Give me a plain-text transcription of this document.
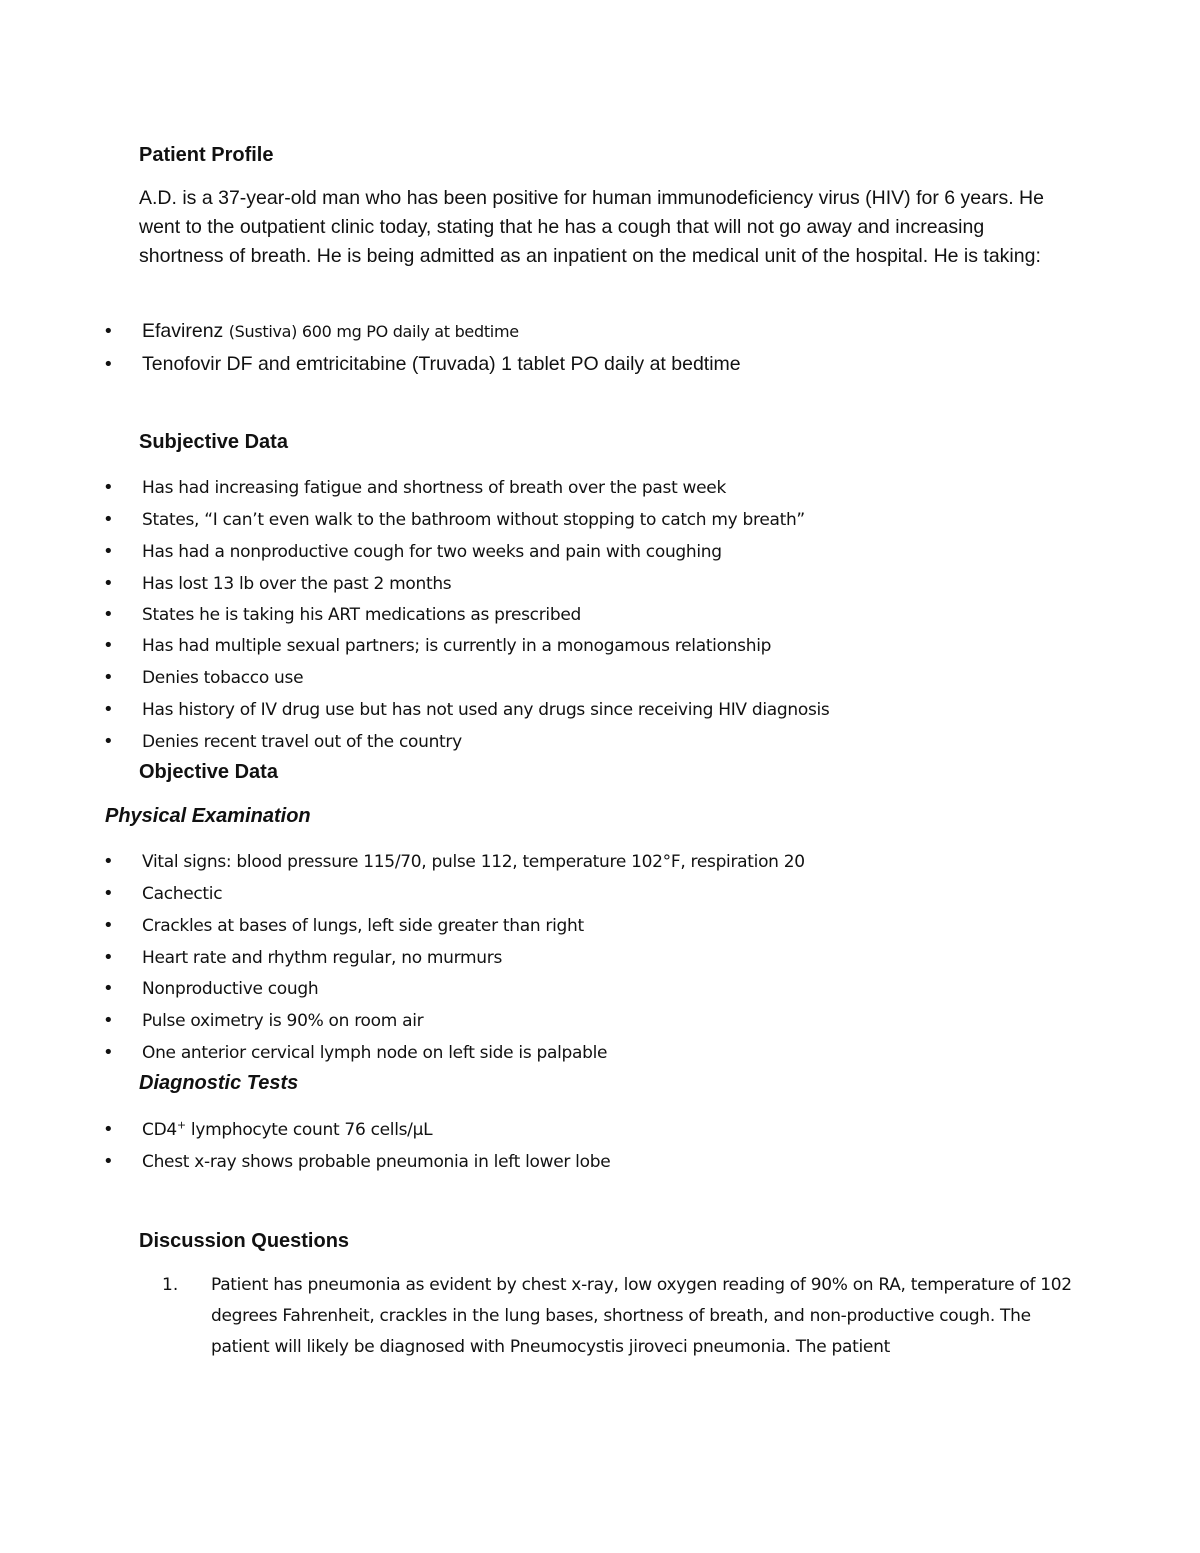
Patient Profile
A.D. is a 37-year-old man who has been positive for human immunodeficiency virus (HIV) for 6 years. He went to the outpatient clinic today, stating that he has a cough that will not go away and increasing shortness of breath. He is being admitted as an inpatient on the medical unit of the hospital. He is taking:
• Efavirenz (Sustiva) 600 mg PO daily at bedtime
• Tenofovir DF and emtricitabine (Truvada) 1 tablet PO daily at bedtime
Subjective Data
• Has had increasing fatigue and shortness of breath over the past week
• States, “I can’t even walk to the bathroom without stopping to catch my breath”
• Has had a nonproductive cough for two weeks and pain with coughing
• Has lost 13 lb over the past 2 months
• States he is taking his ART medications as prescribed
• Has had multiple sexual partners; is currently in a monogamous relationship
• Denies tobacco use
• Has history of IV drug use but has not used any drugs since receiving HIV diagnosis
• Denies recent travel out of the country
Objective Data
Physical Examination
• Vital signs: blood pressure 115/70, pulse 112, temperature 102°F, respiration 20
• Cachectic
• Crackles at bases of lungs, left side greater than right
• Heart rate and rhythm regular, no murmurs
• Nonproductive cough
• Pulse oximetry is 90% on room air
• One anterior cervical lymph node on left side is palpable
Diagnostic Tests
• CD4+ lymphocyte count 76 cells/μL
• Chest x-ray shows probable pneumonia in left lower lobe
Discussion Questions
1. Patient has pneumonia as evident by chest x-ray, low oxygen reading of 90% on RA, temperature of 102 degrees Fahrenheit, crackles in the lung bases, shortness of breath, and non-productive cough. The patient will likely be diagnosed with Pneumocystis jiroveci pneumonia. The patient
